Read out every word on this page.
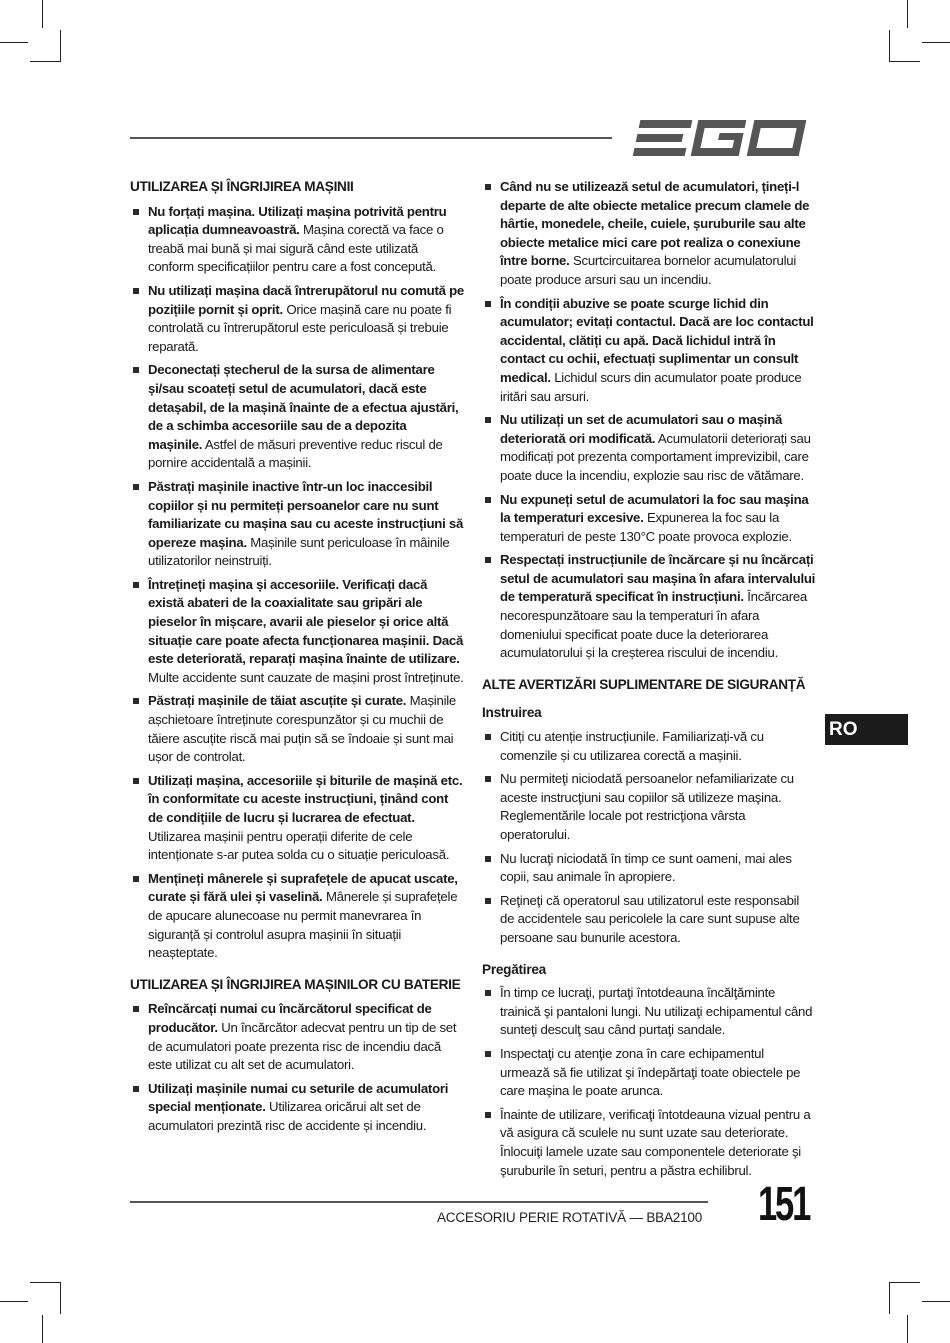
UTILIZAREA ȘI ÎNGRIJIREA MAȘINII
Nu forțați mașina. Utilizați mașina potrivită pentru aplicația dumneavoastră. Mașina corectă va face o treabă mai bună și mai sigură când este utilizată conform specificațiilor pentru care a fost concepută.
Nu utilizați mașina dacă întrerupătorul nu comută pe pozițiile pornit și oprit. Orice mașină care nu poate fi controlată cu întrerupătorul este periculoasă și trebuie reparată.
Deconectați ștecherul de la sursa de alimentare și/sau scoateți setul de acumulatori, dacă este detașabil, de la mașină înainte de a efectua ajustări, de a schimba accesoriile sau de a depozita mașinile. Astfel de măsuri preventive reduc riscul de pornire accidentală a mașinii.
Păstrați mașinile inactive într-un loc inaccesibil copiilor și nu permiteți persoanelor care nu sunt familiarizate cu mașina sau cu aceste instrucțiuni să opereze mașina. Mașinile sunt periculoase în mâinile utilizatorilor neinstruiți.
Întrețineți mașina și accesoriile. Verificați dacă există abateri de la coaxialitate sau gripări ale pieselor în mișcare, avarii ale pieselor și orice altă situație care poate afecta funcționarea mașinii. Dacă este deteriorată, reparați mașina înainte de utilizare. Multe accidente sunt cauzate de mașini prost întreținute.
Păstrați mașinile de tăiat ascuțite și curate. Mașinile așchietoare întreținute corespunzător și cu muchii de tăiere ascuțite riscă mai puțin să se îndoaie și sunt mai ușor de controlat.
Utilizați mașina, accesoriile și biturile de mașină etc. în conformitate cu aceste instrucțiuni, ținând cont de condițiile de lucru și lucrarea de efectuat. Utilizarea mașinii pentru operații diferite de cele intenționate s-ar putea solda cu o situație periculoasă.
Mențineți mânerele și suprafețele de apucat uscate, curate și fără ulei și vaselină. Mânerele și suprafețele de apucare alunecoase nu permit manevrarea în siguranță și controlul asupra mașinii în situații neașteptate.
UTILIZAREA ȘI ÎNGRIJIREA MAȘINILOR CU BATERIE
Reîncărcați numai cu încărcătorul specificat de producător. Un încărcător adecvat pentru un tip de set de acumulatori poate prezenta risc de incendiu dacă este utilizat cu alt set de acumulatori.
Utilizați mașinile numai cu seturile de acumulatori special menționate. Utilizarea oricărui alt set de acumulatori prezintă risc de accidente și incendiu.
Când nu se utilizează setul de acumulatori, țineți-l departe de alte obiecte metalice precum clamele de hârtie, monedele, cheile, cuiele, șuruburile sau alte obiecte metalice mici care pot realiza o conexiune între borne. Scurtcircuitarea bornelor acumulatorului poate produce arsuri sau un incendiu.
În condiții abuzive se poate scurge lichid din acumulator; evitați contactul. Dacă are loc contactul accidental, clătiți cu apă. Dacă lichidul intră în contact cu ochii, efectuați suplimentar un consult medical. Lichidul scurs din acumulator poate produce iritări sau arsuri.
Nu utilizați un set de acumulatori sau o mașină deteriorată ori modificată. Acumulatorii deteriorați sau modificați pot prezenta comportament imprevizibil, care poate duce la incendiu, explozie sau risc de vătămare.
Nu expuneți setul de acumulatori la foc sau mașina la temperaturi excesive. Expunerea la foc sau la temperaturi de peste 130°C poate provoca explozie.
Respectați instrucțiunile de încărcare și nu încărcați setul de acumulatori sau mașina în afara intervalului de temperatură specificat în instrucțiuni. Încărcarea necorespunzătoare sau la temperaturi în afara domeniului specificat poate duce la deteriorarea acumulatorului și la creșterea riscului de incendiu.
ALTE AVERTIZĂRI SUPLIMENTARE DE SIGURANȚĂ
Instruirea
Citiți cu atenție instrucțiunile. Familiarizați-vă cu comenzile și cu utilizarea corectă a mașinii.
Nu permiteţi niciodată persoanelor nefamiliarizate cu aceste instrucţiuni sau copiilor să utilizeze maşina. Reglementările locale pot restricţiona vârsta operatorului.
Nu lucraţi niciodată în timp ce sunt oameni, mai ales copii, sau animale în apropiere.
Reţineţi că operatorul sau utilizatorul este responsabil de accidentele sau pericolele la care sunt supuse alte persoane sau bunurile acestora.
Pregătirea
În timp ce lucraţi, purtaţi întotdeauna încălţăminte trainică şi pantaloni lungi. Nu utilizaţi echipamentul când sunteţi desculţ sau când purtaţi sandale.
Inspectaţi cu atenţie zona în care echipamentul urmează să fie utilizat şi îndepărtaţi toate obiectele pe care maşina le poate arunca.
Înainte de utilizare, verificaţi întotdeauna vizual pentru a vă asigura că sculele nu sunt uzate sau deteriorate. Înlocuiţi lamele uzate sau componentele deteriorate şi şuruburile în seturi, pentru a păstra echilibrul.
RO
ACCESORIU PERIE ROTATIVĂ — BBA2100 151
